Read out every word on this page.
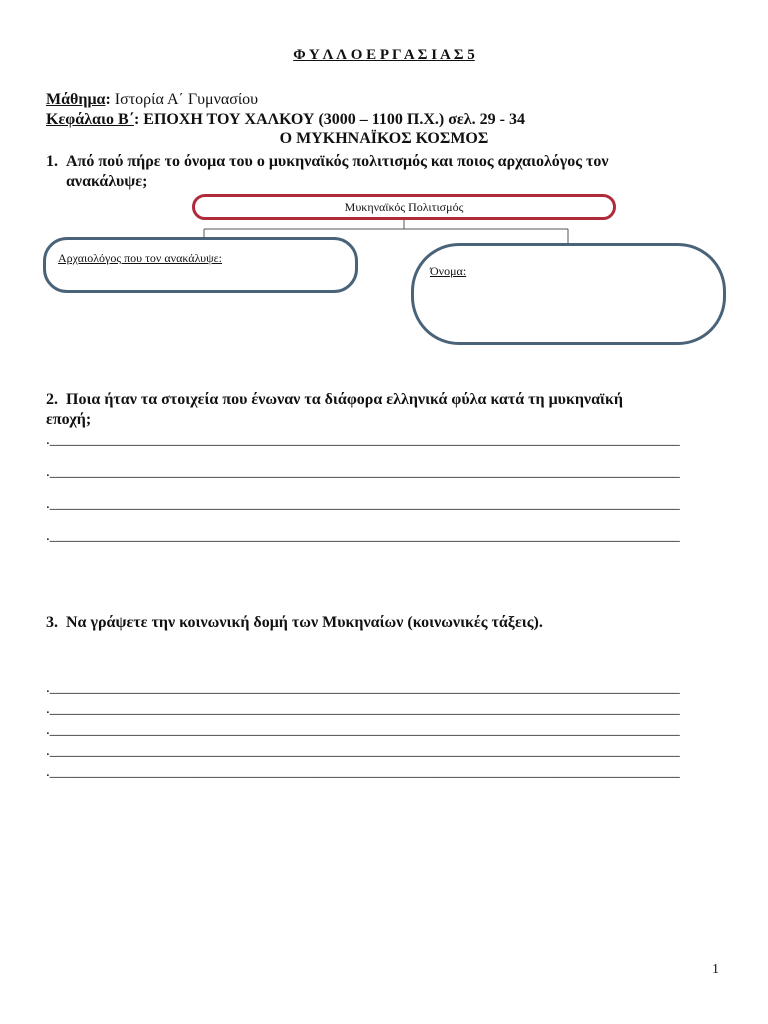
Φ Υ Λ Λ Ο Ε Ρ Γ Α Σ Ι Α Σ 5
Μάθημα: Ιστορία Α΄ Γυμνασίου
Κεφάλαιο Β΄: ΕΠΟΧΗ ΤΟΥ ΧΑΛΚΟΥ (3000 – 1100 Π.Χ.) σελ. 29 - 34
Ο ΜΥΚΗΝΑΪΚΟΣ ΚΟΣΜΟΣ
1. Από πού πήρε το όνομα του ο μυκηναϊκός πολιτισμός και ποιος αρχαιολόγος τον
ανακάλυψε;
Μυκηναϊκός Πολιτισμός
Αρχαιολόγος που τον ανακάλυψε:
Όνομα:
2. Ποια ήταν τα στοιχεία που ένωναν τα διάφορα ελληνικά φύλα κατά τη μυκηναϊκή
εποχή;
.____________________________________________________________________________________
.____________________________________________________________________________________
.____________________________________________________________________________________
.____________________________________________________________________________________
3. Να γράψετε την κοινωνική δομή των Μυκηναίων (κοινωνικές τάξεις).
.____________________________________________________________________________________
.____________________________________________________________________________________
.____________________________________________________________________________________
.____________________________________________________________________________________
.____________________________________________________________________________________
1
